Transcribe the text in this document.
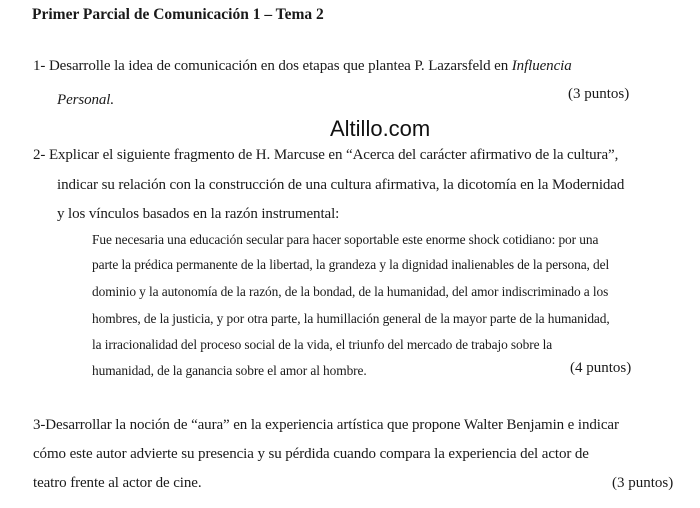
Primer Parcial de Comunicación 1 – Tema 2
1- Desarrolle la idea de comunicación en dos etapas que plantea P. Lazarsfeld en Influencia
Personal.	(3 puntos)
Altillo.com
2- Explicar el siguiente fragmento de H. Marcuse en “Acerca del carácter afirmativo de la cultura”,
indicar su relación con la construcción de una cultura afirmativa, la dicotomía en la Modernidad
y los vínculos basados en la razón instrumental:
Fue necesaria una educación secular para hacer soportable este enorme shock cotidiano: por una
parte la prédica permanente de la libertad, la grandeza y la dignidad inalienables de la persona, del
dominio y la autonomía de la razón, de la bondad, de la humanidad, del amor indiscriminado a los
hombres, de la justicia, y por otra parte, la humillación general de la mayor parte de la humanidad,
la irracionalidad del proceso social de la vida, el triunfo del mercado de trabajo sobre la
humanidad, de la ganancia sobre el amor al hombre.	(4 puntos)
3-Desarrollar la noción de “aura” en la experiencia artística que propone Walter Benjamin e indicar
cómo este autor advierte su presencia y su pérdida cuando compara la experiencia del actor de
teatro frente al actor de cine.	(3 puntos)
